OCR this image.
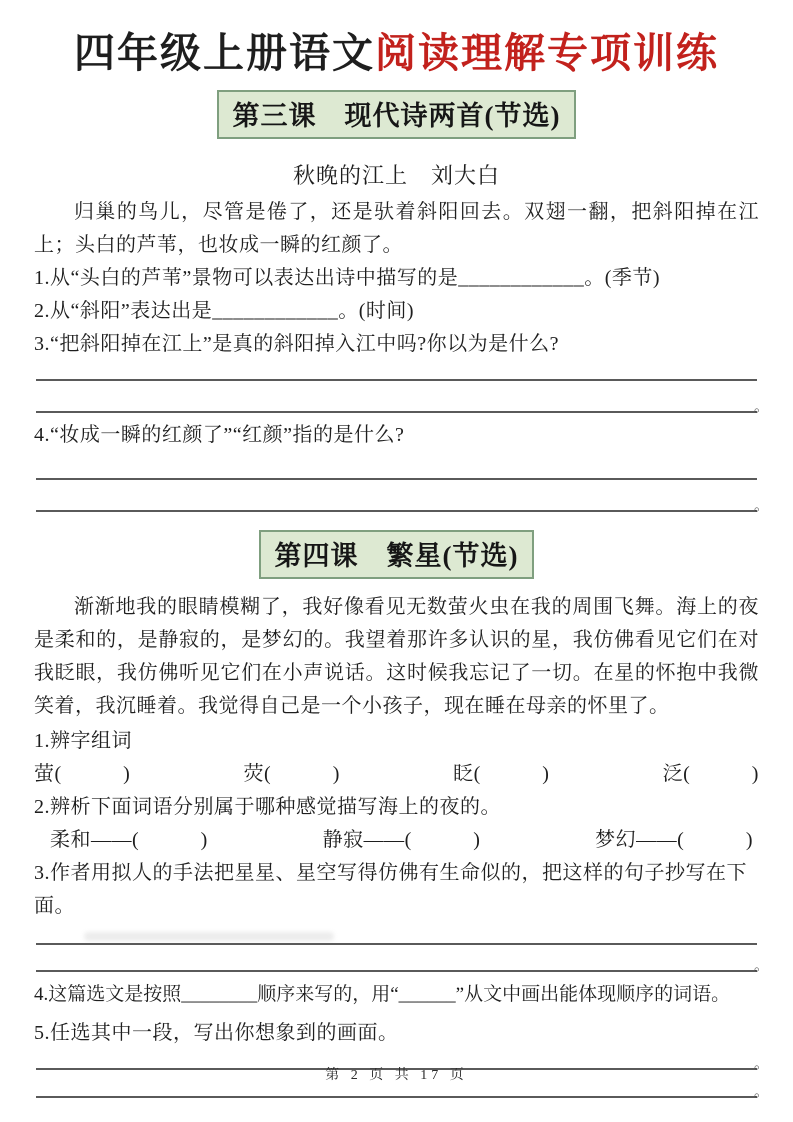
四年级上册语文阅读理解专项训练
第三课　现代诗两首(节选)
秋晚的江上　刘大白

归巢的鸟儿，尽管是倦了，还是驮着斜阳回去。双翅一翻，把斜阳掉在江上；头白的芦苇，也妆成一瞬的红颜了。

1.从“头白的芦苇”景物可以表达出诗中描写的是____________。(季节)

2.从“斜阳”表达出是____________。(时间)

3.“把斜阳掉在江上”是真的斜阳掉入江中吗?你以为是什么?

。

4.“妆成一瞬的红颜了”“红颜”指的是什么?

。
第四课　繁星(节选)

渐渐地我的眼睛模糊了，我好像看见无数萤火虫在我的周围飞舞。海上的夜是柔和的，是静寂的，是梦幻的。我望着那许多认识的星，我仿佛看见它们在对我眨眼，我仿佛听见它们在小声说话。这时候我忘记了一切。在星的怀抱中我微笑着，我沉睡着。我觉得自己是一个小孩子，现在睡在母亲的怀里了。

1.辨字组词

萤(　　　)	荧(　　　)	眨(　　　)	泛(　　　)

2.辨析下面词语分别属于哪种感觉描写海上的夜的。

柔和——(　　　)	静寂——(　　　)	梦幻——(　　　)

3.作者用拟人的手法把星星、星空写得仿佛有生命似的，把这样的句子抄写在下面。

。

4.这篇选文是按照________顺序来写的，用“______”从文中画出能体现顺序的词语。

5.任选其中一段，写出你想象到的画面。

。
。
第 2 页 共 17 页
